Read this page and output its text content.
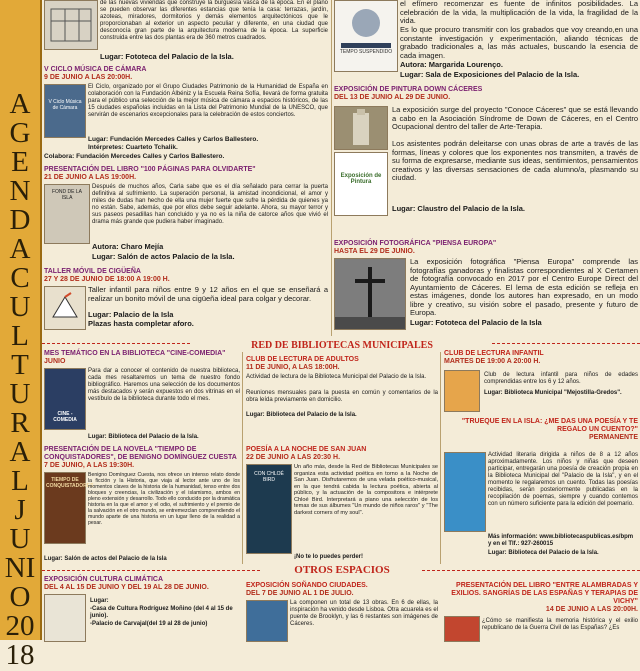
AGENDA CULTURAL JUNIO 2018
de las nuevas viviendas que construye la burguesía vasca de la época. En el plano se pueden observar las diferentes estancias que tenía la casa: terrazas, jardín, azoteas, miradores, dormitorios y demás elementos arquitectónicos que le proporcionaban al exterior un aspecto peculiar y diferente, en una ciudad que desconocía gran parte de la arquitectura moderna de la época. La superficie construida entre las dos plantas era de 360 metros cuadrados.
Lugar: Fototeca del Palacio de la Isla.	TEMPO SUSPENDIDO
el efímero recomenzar es fuente de infinitos posibilidades. La celebración de la vida, la multiplicación de la vida, la fragilidad de la vida.
Es lo que procuro transmitir con los grabados que voy creando,en una constante investigación y experimentación, aliando técnicas de grabado tradicionales a, las más actuales, buscando la esencia de cada imagen.
Autora: Margarida Lourenço.
Lugar: Sala de Exposiciones del Palacio de la Isla.
V CICLO MÚSICA DE CÁMARA
9 DE JUNIO A LAS 20:00H.
V Ciclo Música de Cámara
El Ciclo, organizado por el Grupo Ciudades Patrimonio de la Humanidad de España en colaboración con la Fundación Albéniz y la Escuela Reina Sofía, llevará de forma gratuita para el público una selección de la mejor música de cámara a espacios históricos, de las 15 ciudades españolas incluidas en la Lista del Patrimonio Mundial de la UNESCO, que servirán de escenarios excepcionales para la celebración de estos conciertos.
Lugar: Fundación Mercedes Calles y Carlos Ballestero.
Intérpretes: Cuarteto Tchalik.
Colabora: Fundación Mercedes Calles y Carlos Ballestero.
EXPOSICIÓN DE PINTURA DOWN CÁCERES
DEL 13 DE JUNIO AL 29 DE JUNIO.
La exposición surge del proyecto "Conoce Cáceres" que se está llevando a cabo en la Asociación Síndrome de Down de Cáceres, en el Centro Ocupacional dentro del taller de Arte-Terapia.
Exposición de Pintura
Los asistentes podrán deleitarse con unas obras de arte a través de las formas, líneas y colores que los exponentes nos transmiten, a través de su forma de expresarse, mediante sus ideas, sentimientos, pensamientos creativos y las diversas sensaciones de cada alumno/a, plasmando su ciudad.
Lugar: Claustro del Palacio de la Isla.
PRESENTACIÓN DEL LIBRO "100 PÁGINAS PARA OLVIDARTE"
21 DE JUNIO A LAS 19:00H.
FOND DE LA ISLA
Después de muchos años, Carla sabe que es el día señalado para cerrar la puerta definitiva al sufrimiento. La superación personal, la amistad incondicional, el amor y miles de dudas han hecho de ella una mujer fuerte que sufre la pérdida de quienes ya no están. Sabe, además, que por ellos debe seguir adelante. Ahora, su mayor terror y sus paseos pesadillas han concluido y ya no es la niña de catorce años que vivió el drama más grande que pudiera haber imaginado.
Autora: Charo Mejía
Lugar: Salón de actos Palacio de la Isla.
EXPOSICIÓN FOTOGRÁFICA "PIENSA EUROPA"
HASTA EL 29 DE JUNIO.
La exposición fotográfica "Piensa Europa" comprende las fotografías ganadoras y finalistas correspondientes al X Certamen de fotografía convocado en 2017 por el Centro Europe Direct del Ayuntamiento de Cáceres. El lema de esta edición se refleja en estas imágenes, donde los autores han expresado, en un modo libre y creativo, su visión sobre el pasado, presente y futuro de Europa.
Lugar: Fototeca del Palacio de la Isla
TALLER MÓVIL DE CIGÜEÑA
27 Y 28 DE JUNIO DE 18:00 A 19:00 H.
Taller infantil para niños entre 9 y 12 años en el que se enseñará a realizar un bonito móvil de una cigüeña ideal para colgar y decorar.
Lugar: Palacio de la Isla
Plazas hasta completar aforo.
RED DE BIBLIOTECAS MUNICIPALES
MES TEMÁTICO EN LA BIBLIOTECA "CINE-COMEDIA"
JUNIO
CINE - COMEDIA
Para dar a conocer el contenido de nuestra biblioteca, cada mes resaltaremos un tema de nuestro fondo bibliográfico. Haremos una selección de los documentos más destacados y serán expuestos en dos vitrinas en el vestíbulo de la biblioteca durante todo el mes.
Lugar: Biblioteca del Palacio de la Isla.
CLUB DE LECTURA DE ADULTOS
11 DE JUNIO, A LAS 18:00H.
Actividad de lectura de la Biblioteca Municipal del Palacio de la Isla.
Reuniones mensuales para la puesta en común y comentarios de la obra leída previamente en domicilio.
Lugar: Biblioteca del Palacio de la Isla.
CLUB DE LECTURA INFANTIL
MARTES DE 19:00 A 20:00 H.
Club de lectura infantil para niños de edades comprendidas entre los 6 y 12 años.
Lugar: Biblioteca Municipal "Mejostilla-Gredos".
PRESENTACIÓN DE LA NOVELA "TIEMPO DE CONQUISTADORES", DE BENIGNO DOMÍNGUEZ CUESTA
7 DE JUNIO, A LAS 19:30H.
TIEMPO DE CONQUISTADORES
Benigno Domínguez Cuesta, nos ofrece un intenso relato donde la ficción y la Historia, que viaja al lector ante uno de los momentos claves de la historia de la humanidad, tenso entre dos bloques y creencias, la civilización y el islamismo, ambos en pleno extensión y desarrollo. Todo ello conducido por la dramática historia en la que el amor y el odio, el sufrimiento y el premio de la salvación en el otro mundo, se entremezclan comprendiendo el mundo aparte de una historia en un lugar lleno de la realidad a pesar.
Lugar: Salón de actos del Palacio de la Isla
POESÍA A LA NOCHE DE SAN JUAN
22 DE JUNIO A LAS 20:30 H.
CON CHLOÉ BIRD
Un año más, desde la Red de Bibliotecas Municipales se organiza esta actividad poética en torno a la Noche de San Juan. Disfrutaremos de una velada poético-musical, en la que tendrá cabida la lectura poética, abierta al público, y la actuación de la compositora e intérprete Chloé Bird. Interpretará a piano una selección de los temas de sus álbumes "Un mundo de niños raros" y "The darkest corners of my soul".
¡No te lo puedes perder!
"TRUEQUE EN LA ISLA: ¿ME DAS UNA POESÍA Y TE REGALO UN CUENTO?"
PERMANENTE
Actividad literaria dirigida a niños de 8 a 12 años aproximadamente. Los niños y niñas que deseen participar, entregarán una poesía de creación propia en la Biblioteca Municipal del "Palacio de la Isla", y en el momento le regalaremos un cuento. Todas las poesías recibidas, serán posteriormente publicadas en la recopilación de poemas, siempre y cuando contemos con un número suficiente para la edición del poemario.
Más información: www.bibliotecaspublicas.es/bpm y en el Tlf.: 927-260015
Lugar: Biblioteca del Palacio de la Isla.
OTROS ESPACIOS
EXPOSICIÓN CULTURA CLIMÁTICA
DEL 4 AL 15 DE JUNIO Y DEL 19 AL 28 DE JUNIO.
Lugar:
-Casa de Cultura Rodríguez Moñino (del 4 al 15 de junio).
-Palacio de Carvajal(del 19 al 28 de junio)
EXPOSICIÓN SOÑANDO CIUDADES.
DEL 7 DE JUNIO AL 1 DE JULIO.
La componen un total de 13 obras. En 6 de ellas, la inspiración ha venido desde Lisboa. Otra acuarela es el puente de Brooklyn, y las 6 restantes son imágenes de Cáceres.
PRESENTACIÓN DEL LIBRO "ENTRE ALAMBRADAS Y EXILIOS. SANGRÍAS DE LAS ESPAÑAS Y TERAPIAS DE VICHY"
14 DE JUNIO A LAS 20:00H.
¿Cómo se manifiesta la memoria histórica y el exilio republicano de la Guerra Civil de las Españas? ¿Es
